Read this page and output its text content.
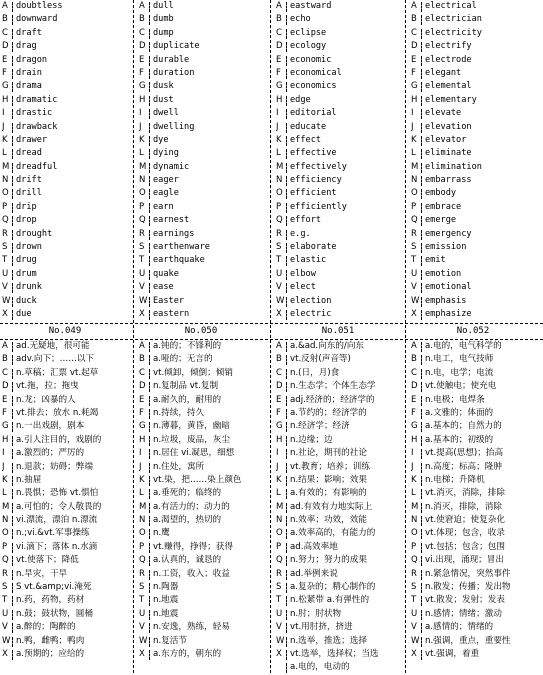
A doubtless
B downward
C draft
D drag
E	dragon
F	drain
G drama
H dramatic
I	drastic
J	drawback
K drawer
L	dread
M dreadful
N drift
O drill
P	drip
Q drop
R drought
S drown
T	drug
U drum
V drunk
W duck
X due
A dull
B dumb
C dump
D duplicate
E	durable
F	duration
G dusk
H dust
I	dwell
J	dwelling
K dye
L	dying
M dynamic
N eager
O eagle
P	earn
Q earnest
R earnings
S earthenware
T	earthquake
U quake
V ease
W Easter
X eastern
A eastward
B echo
C eclipse
D ecology
E	economic
F	economical
G economics
H edge
I	editorial
J	educate
K effect
L	effective
M effectively
N efficiency
O efficient
P	efficiently
Q effort
R e.g.
S elaborate
T	elastic
U elbow
V elect
W election
X electric
A electrical
B electrician
C electricity
D electrify
E	electrode
F	elegant
G elemental
H elementary
I	elevate
J	elevation
K elevator
L	eliminate
M elimination
N embarrass
O embody
P	embrace
Q emerge
R emergency
S emission
T	emit
U emotion
V emotional
W emphasis
X emphasize
No.049	No.050	No.051	No.052
A ad.无疑地，很可能
B adv.向下；……以下
C n.草稿；汇票 vt.起草
D vt.拖，拉；拖曳
E	n.龙；凶暴的人
F	vt.排去；放水 n.耗竭
G n.一出戏剧，剧本
H a.引人注目的，戏剧的
I	a.激烈的；严厉的
J	n.退款；妨碍；弊端
K n.抽屉
L	n.畏惧；恐怖 vt.惧怕
M a.可怕的；令人敬畏的
N vi.漂流，漂泊 n.漂流
O n.;vi.&vt.军事操练
P	vi.滴下；落体 n.水滴
Q vt.使落下；降低
R n.旱灾，干旱
S S vt.&amp;vi.淹死
T	n.药，药物，药材
U n.鼓；鼓状物，圆桶
V a.醉的；陶醉的
W n.鸭，雌鸭；鸭肉
X a.预期的；应给的
A a.钝的；不锋利的
B a.哑的；无言的
C vt.倾卸，倾倒；倾销
D n.复制品 vt.复制
E	a.耐久的，耐用的
F	n.持续，持久
G n.薄暮，黄昏，幽暗
H n.垃圾，废品，灰尘
I	n.居住 vi.凝思，细想
J	n.住处，寓所
K vt.染，把……染上颜色
L	a.垂死的；临终的
M a.有活力的；动力的
N a.渴望的，热切的
O n.鹰
P	vt.赚得，挣得；获得
Q a.认真的，诚恳的
R n.工资，收入；收益
S n.陶器
T	n.地震
U n.地震
V n.安逸，熟练，轻易
W n.复活节
X a.东方的，朝东的
A a.&ad.向东的/向东
B vt.反射(声音等)
C n.(日，月)食
D n.生态学；个体生态学
E	adj.经济的；经济学的
F	a.节约的；经济学的
G n.经济学；经济
H n.边缘；边
I	n.社论，期刊的社论
J	vt.教育；培养；训练
K n.结果；影响；效果
L	a.有效的；有影响的
M ad.有效有力地实际上
N n.效率；功效，效能
O a.效率高的，有能力的
P	ad.高效率地
Q n.努力；努力的成果
R ad.举例来说
S a.复杂的；精心制作的
T	n.松紧带 a.有弹性的
U n.肘；肘状物
V vt.用肘挤，挤进
W n.选举，推选；选择
X vt.选举，选择权；当选
a.电的，电动的
A a.电的，电气科学的
B n.电工，电气技师
C n.电，电学；电流
D vt.使触电；使充电
E	n.电极；电焊条
F	a.文雅的；体面的
G a.基本的；自然力的
H a.基本的；初级的
I	vt.提高(思想)；抬高
J	n.高度；标高；隆肿
K n.电梯；升降机
L	vt.消灭，消除，排除
M n.消灭，排除，消除
N vt.使窘迫；使复杂化
O vt.体现；包含，收录
P	vt.包括；包含；包围
Q vi.出现，涌现；冒出
R n.紧急情况，突然事件
S n.散发；传播；发出物
T	vt.散发；发射；发表
U n.感情；情绪；激动
V a.感情的；情绪的
W n.强调，重点，重要性
X vt.强调，着重
